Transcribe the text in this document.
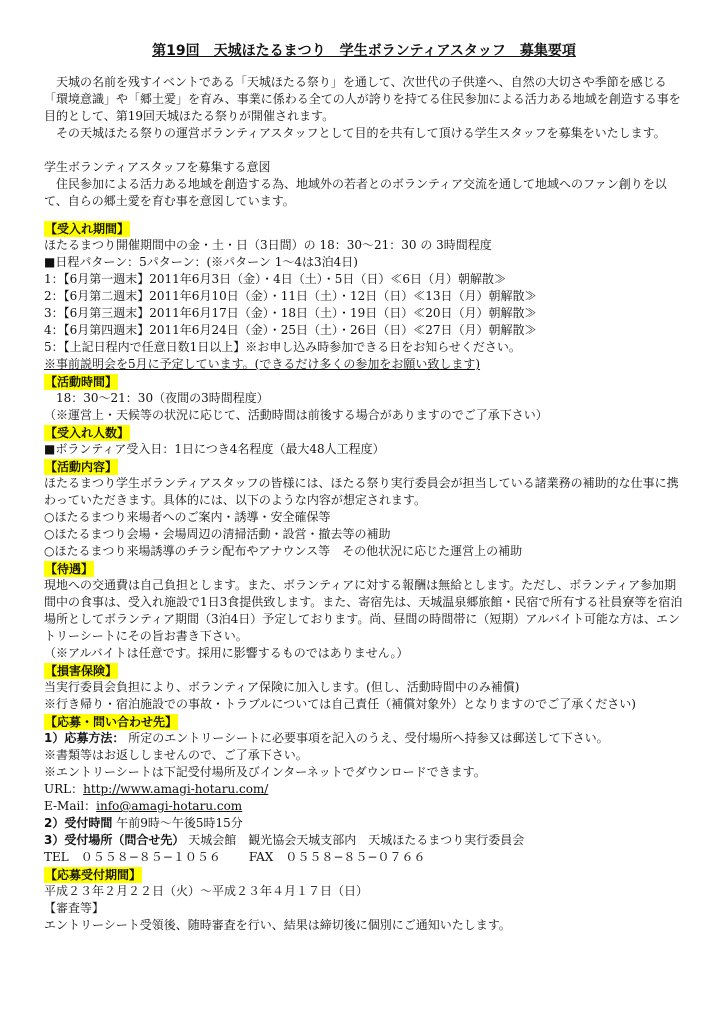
第19回　天城ほたるまつり　学生ボランティアスタッフ　募集要項

天城の名前を残すイベントである「天城ほたる祭り」を通して、次世代の子供達へ、自然の大切さや季節を感じる「環境意識」や「郷土愛」を育み、事業に係わる全ての人が誇りを持てる住民参加による活力ある地域を創造する事を目的として、第19回天城ほたる祭りが開催されます。

その天城ほたる祭りの運営ボランティアスタッフとして目的を共有して頂ける学生スタッフを募集をいたします。

学生ボランティアスタッフを募集する意図

住民参加による活力ある地域を創造する為、地域外の若者とのボランティア交流を通して地域へのファン創りを以て、自らの郷土愛を育む事を意図しています。

【受入れ期間】

ほたるまつり開催期間中の金・土・日（3日間）の 18：30〜21：30 の 3時間程度

■日程パターン：5パターン：(※パターン 1〜4は3泊4日)

1：【6月第一週末】2011年6月3日（金）・4日（土）・5日（日）≪6日（月）朝解散≫

2：【6月第二週末】2011年6月10日（金）・11日（土）・12日（日）≪13日（月）朝解散≫

3：【6月第三週末】2011年6月17日（金）・18日（土）・19日（日）≪20日（月）朝解散≫

4：【6月第四週末】2011年6月24日（金）・25日（土）・26日（日）≪27日（月）朝解散≫

5：【上記日程内で任意日数1日以上】※お申し込み時参加できる日をお知らせください。

※事前説明会を5月に予定しています。(できるだけ多くの参加をお願い致します)

【活動時間】

18：30〜21：30（夜間の3時間程度）

（※運営上・天候等の状況に応じて、活動時間は前後する場合がありますのでご了承下さい）

【受入れ人数】

■ボランティア受入日：1日につき4名程度（最大48人工程度）

【活動内容】

ほたるまつり学生ボランティアスタッフの皆様には、ほたる祭り実行委員会が担当している諸業務の補助的な仕事に携わっていただきます。具体的には、以下のような内容が想定されます。

○ほたるまつり来場者へのご案内・誘導・安全確保等

○ほたるまつり会場・会場周辺の清掃活動・設営・撤去等の補助

○ほたるまつり来場誘導のチラシ配布やアナウンス等　その他状況に応じた運営上の補助

【待遇】

現地への交通費は自己負担とします。また、ボランティアに対する報酬は無給とします。ただし、ボランティア参加期間中の食事は、受入れ施設で1日3食提供致します。また、寄宿先は、天城温泉郷旅館・民宿で所有する社員寮等を宿泊場所としてボランティア期間（3泊4日）予定しております。尚、昼間の時間帯に（短期）アルバイト可能な方は、エントリーシートにその旨お書き下さい。

（※アルバイトは任意です。採用に影響するものではありません。）

【損害保険】

当実行委員会負担により、ボランティア保険に加入します。(但し、活動時間中のみ補償)

※行き帰り・宿泊施設での事故・トラブルについては自己責任（補償対象外）となりますのでご了承ください)

【応募・問い合わせ先】

1）応募方法： 所定のエントリーシートに必要事項を記入のうえ、受付場所へ持参又は郵送して下さい。

※書類等はお返ししませんので、ご了承下さい。

※エントリーシートは下記受付場所及びインターネットでダウンロードできます。

URL：http://www.amagi-hotaru.com/

E-Mail：info@amagi-hotaru.com

2）受付時間 午前9時〜午後5時15分

3）受付場所（問合せ先） 天城会館　観光協会天城支部内　天城ほたるまつり実行委員会

TEL　０５５８−８５−１０５６ FAX　０５５８−８５−０７６６

【応募受付期間】

平成２３年２月２２日（火）〜平成２３年４月１７日（日）

【審査等】

エントリーシート受領後、随時審査を行い、結果は締切後に個別にご通知いたします。
